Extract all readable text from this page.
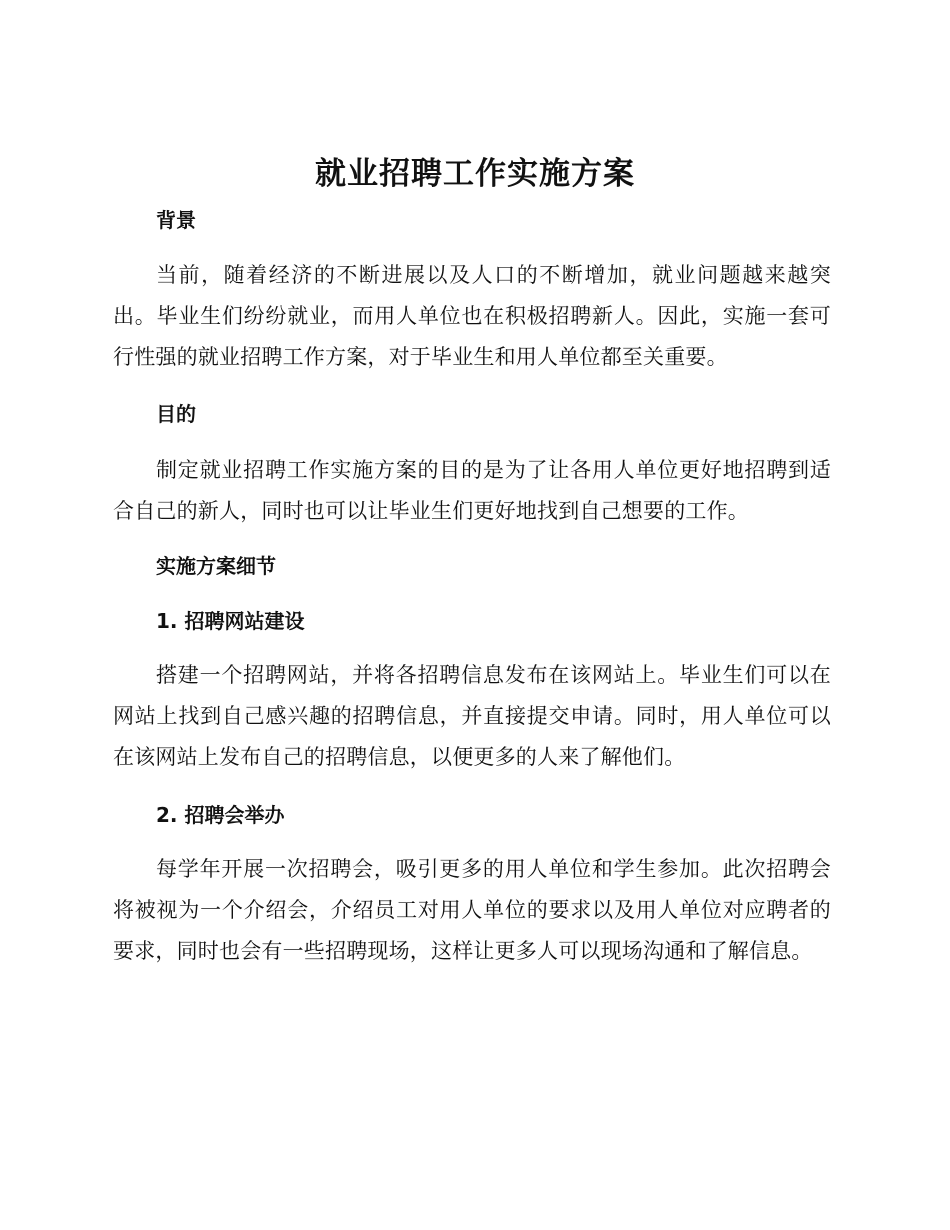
就业招聘工作实施方案
背景

当前，随着经济的不断进展以及人口的不断增加，就业问题越来越突出。毕业生们纷纷就业，而用人单位也在积极招聘新人。因此，实施一套可行性强的就业招聘工作方案，对于毕业生和用人单位都至关重要。

目的

制定就业招聘工作实施方案的目的是为了让各用人单位更好地招聘到适合自己的新人，同时也可以让毕业生们更好地找到自己想要的工作。

实施方案细节
1. 招聘网站建设

搭建一个招聘网站，并将各招聘信息发布在该网站上。毕业生们可以在网站上找到自己感兴趣的招聘信息，并直接提交申请。同时，用人单位可以在该网站上发布自己的招聘信息，以便更多的人来了解他们。

2. 招聘会举办

每学年开展一次招聘会，吸引更多的用人单位和学生参加。此次招聘会将被视为一个介绍会，介绍员工对用人单位的要求以及用人单位对应聘者的要求，同时也会有一些招聘现场，这样让更多人可以现场沟通和了解信息。
